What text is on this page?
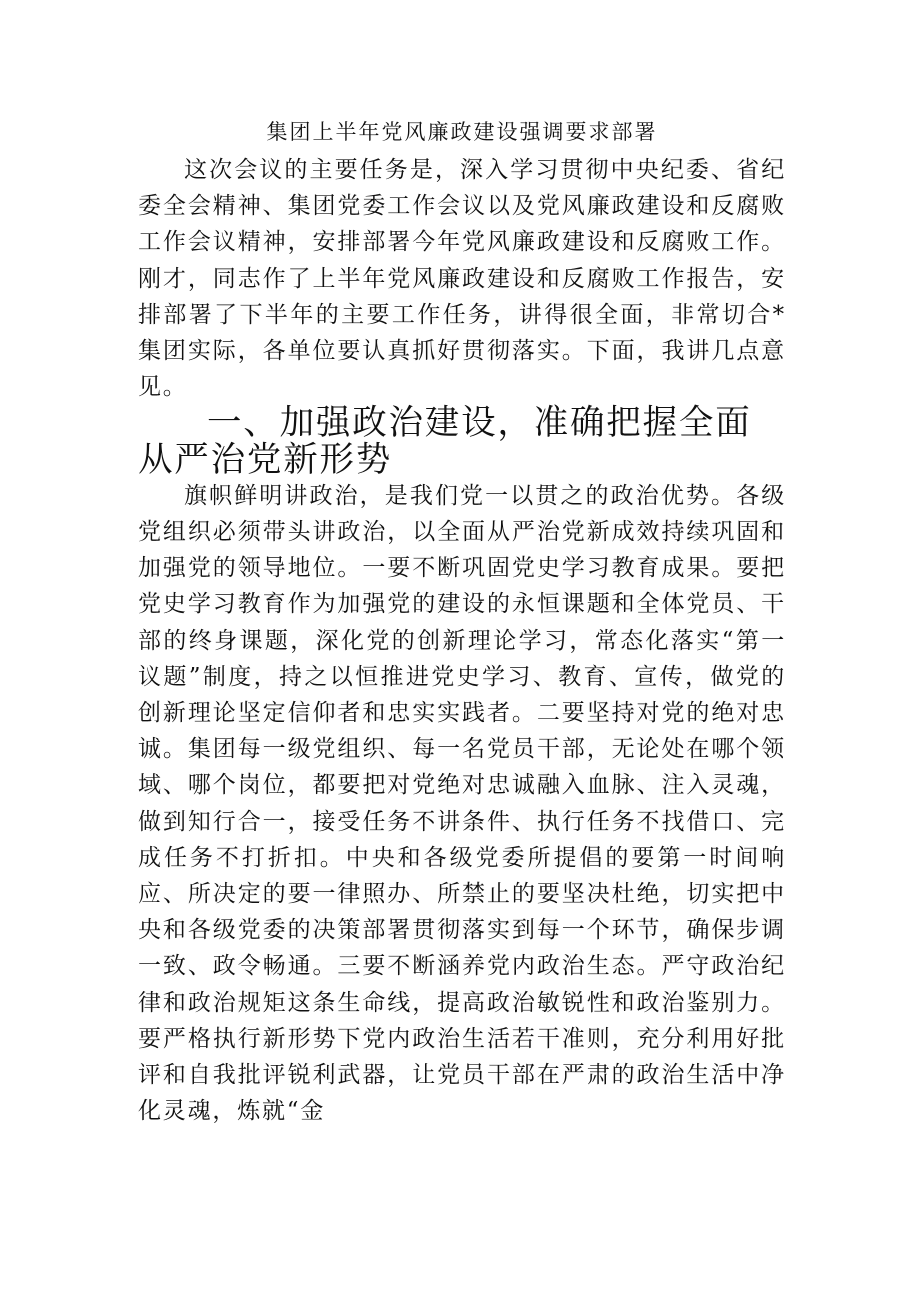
集团上半年党风廉政建设强调要求部署

这次会议的主要任务是，深入学习贯彻中央纪委、省纪委全会精神、集团党委工作会议以及党风廉政建设和反腐败工作会议精神，安排部署今年党风廉政建设和反腐败工作。刚才，同志作了上半年党风廉政建设和反腐败工作报告，安排部署了下半年的主要工作任务，讲得很全面，非常切合*集团实际，各单位要认真抓好贯彻落实。下面，我讲几点意见。

一、加强政治建设，准确把握全面从严治党新形势

旗帜鲜明讲政治，是我们党一以贯之的政治优势。各级党组织必须带头讲政治，以全面从严治党新成效持续巩固和加强党的领导地位。一要不断巩固党史学习教育成果。要把党史学习教育作为加强党的建设的永恒课题和全体党员、干部的终身课题，深化党的创新理论学习，常态化落实“第一议题”制度，持之以恒推进党史学习、教育、宣传，做党的创新理论坚定信仰者和忠实实践者。二要坚持对党的绝对忠诚。集团每一级党组织、每一名党员干部，无论处在哪个领域、哪个岗位，都要把对党绝对忠诚融入血脉、注入灵魂，做到知行合一，接受任务不讲条件、执行任务不找借口、完成任务不打折扣。中央和各级党委所提倡的要第一时间响应、所决定的要一律照办、所禁止的要坚决杜绝，切实把中央和各级党委的决策部署贯彻落实到每一个环节，确保步调一致、政令畅通。三要不断涵养党内政治生态。严守政治纪律和政治规矩这条生命线，提高政治敏锐性和政治鉴别力。要严格执行新形势下党内政治生活若干准则，充分利用好批评和自我批评锐利武器，让党员干部在严肃的政治生活中净化灵魂，炼就“金
